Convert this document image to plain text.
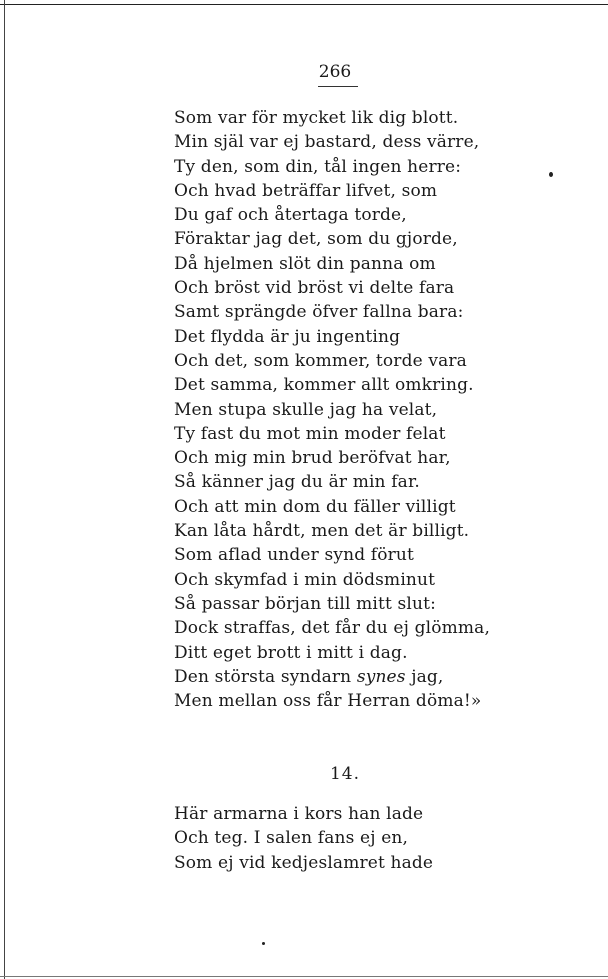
266
Som var för mycket lik dig blott.
Min själ var ej bastard, dess värre,
Ty den, som din, tål ingen herre:
Och hvad beträffar lifvet, som
Du gaf och återtaga torde,
Föraktar jag det, som du gjorde,
Då hjelmen slöt din panna om
Och bröst vid bröst vi delte fara
Samt sprängde öfver fallna bara:
Det flydda är ju ingenting
Och det, som kommer, torde vara
Det samma, kommer allt omkring.
Men stupa skulle jag ha velat,
Ty fast du mot min moder felat
Och mig min brud beröfvat har,
Så känner jag du är min far.
Och att min dom du fäller villigt
Kan låta hårdt, men det är billigt.
Som aflad under synd förut
Och skymfad i min dödsminut
Så passar början till mitt slut:
Dock straffas, det får du ej glömma,
Ditt eget brott i mitt i dag.
Den största syndarn synes jag,
Men mellan oss får Herran döma!»
14.
Här armarna i kors han lade
Och teg. I salen fans ej en,
Som ej vid kedjeslamret hade
